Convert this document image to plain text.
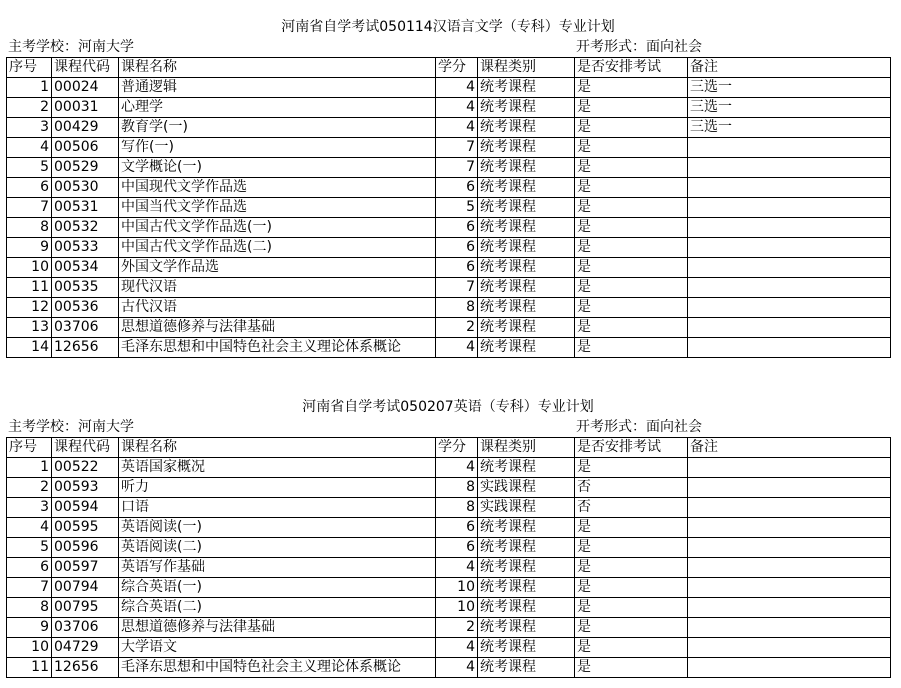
河南省自学考试050114汉语言文学（专科）专业计划
主考学校：河南大学	开考形式：面向社会
序号	课程代码	课程名称	学分	课程类别	是否安排考试	备注
1	00024	普通逻辑	4	统考课程	是	三选一
2	00031	心理学	4	统考课程	是	三选一
3	00429	教育学(一)	4	统考课程	是	三选一
4	00506	写作(一)	7	统考课程	是	
5	00529	文学概论(一)	7	统考课程	是	
6	00530	中国现代文学作品选	6	统考课程	是	
7	00531	中国当代文学作品选	5	统考课程	是	
8	00532	中国古代文学作品选(一)	6	统考课程	是	
9	00533	中国古代文学作品选(二)	6	统考课程	是	
10	00534	外国文学作品选	6	统考课程	是	
11	00535	现代汉语	7	统考课程	是	
12	00536	古代汉语	8	统考课程	是	
13	03706	思想道德修养与法律基础	2	统考课程	是	
14	12656	毛泽东思想和中国特色社会主义理论体系概论	4	统考课程	是	
河南省自学考试050207英语（专科）专业计划
主考学校：河南大学	开考形式：面向社会
序号	课程代码	课程名称	学分	课程类别	是否安排考试	备注
1	00522	英语国家概况	4	统考课程	是	
2	00593	听力	8	实践课程	否	
3	00594	口语	8	实践课程	否	
4	00595	英语阅读(一)	6	统考课程	是	
5	00596	英语阅读(二)	6	统考课程	是	
6	00597	英语写作基础	4	统考课程	是	
7	00794	综合英语(一)	10	统考课程	是	
8	00795	综合英语(二)	10	统考课程	是	
9	03706	思想道德修养与法律基础	2	统考课程	是	
10	04729	大学语文	4	统考课程	是	
11	12656	毛泽东思想和中国特色社会主义理论体系概论	4	统考课程	是	
